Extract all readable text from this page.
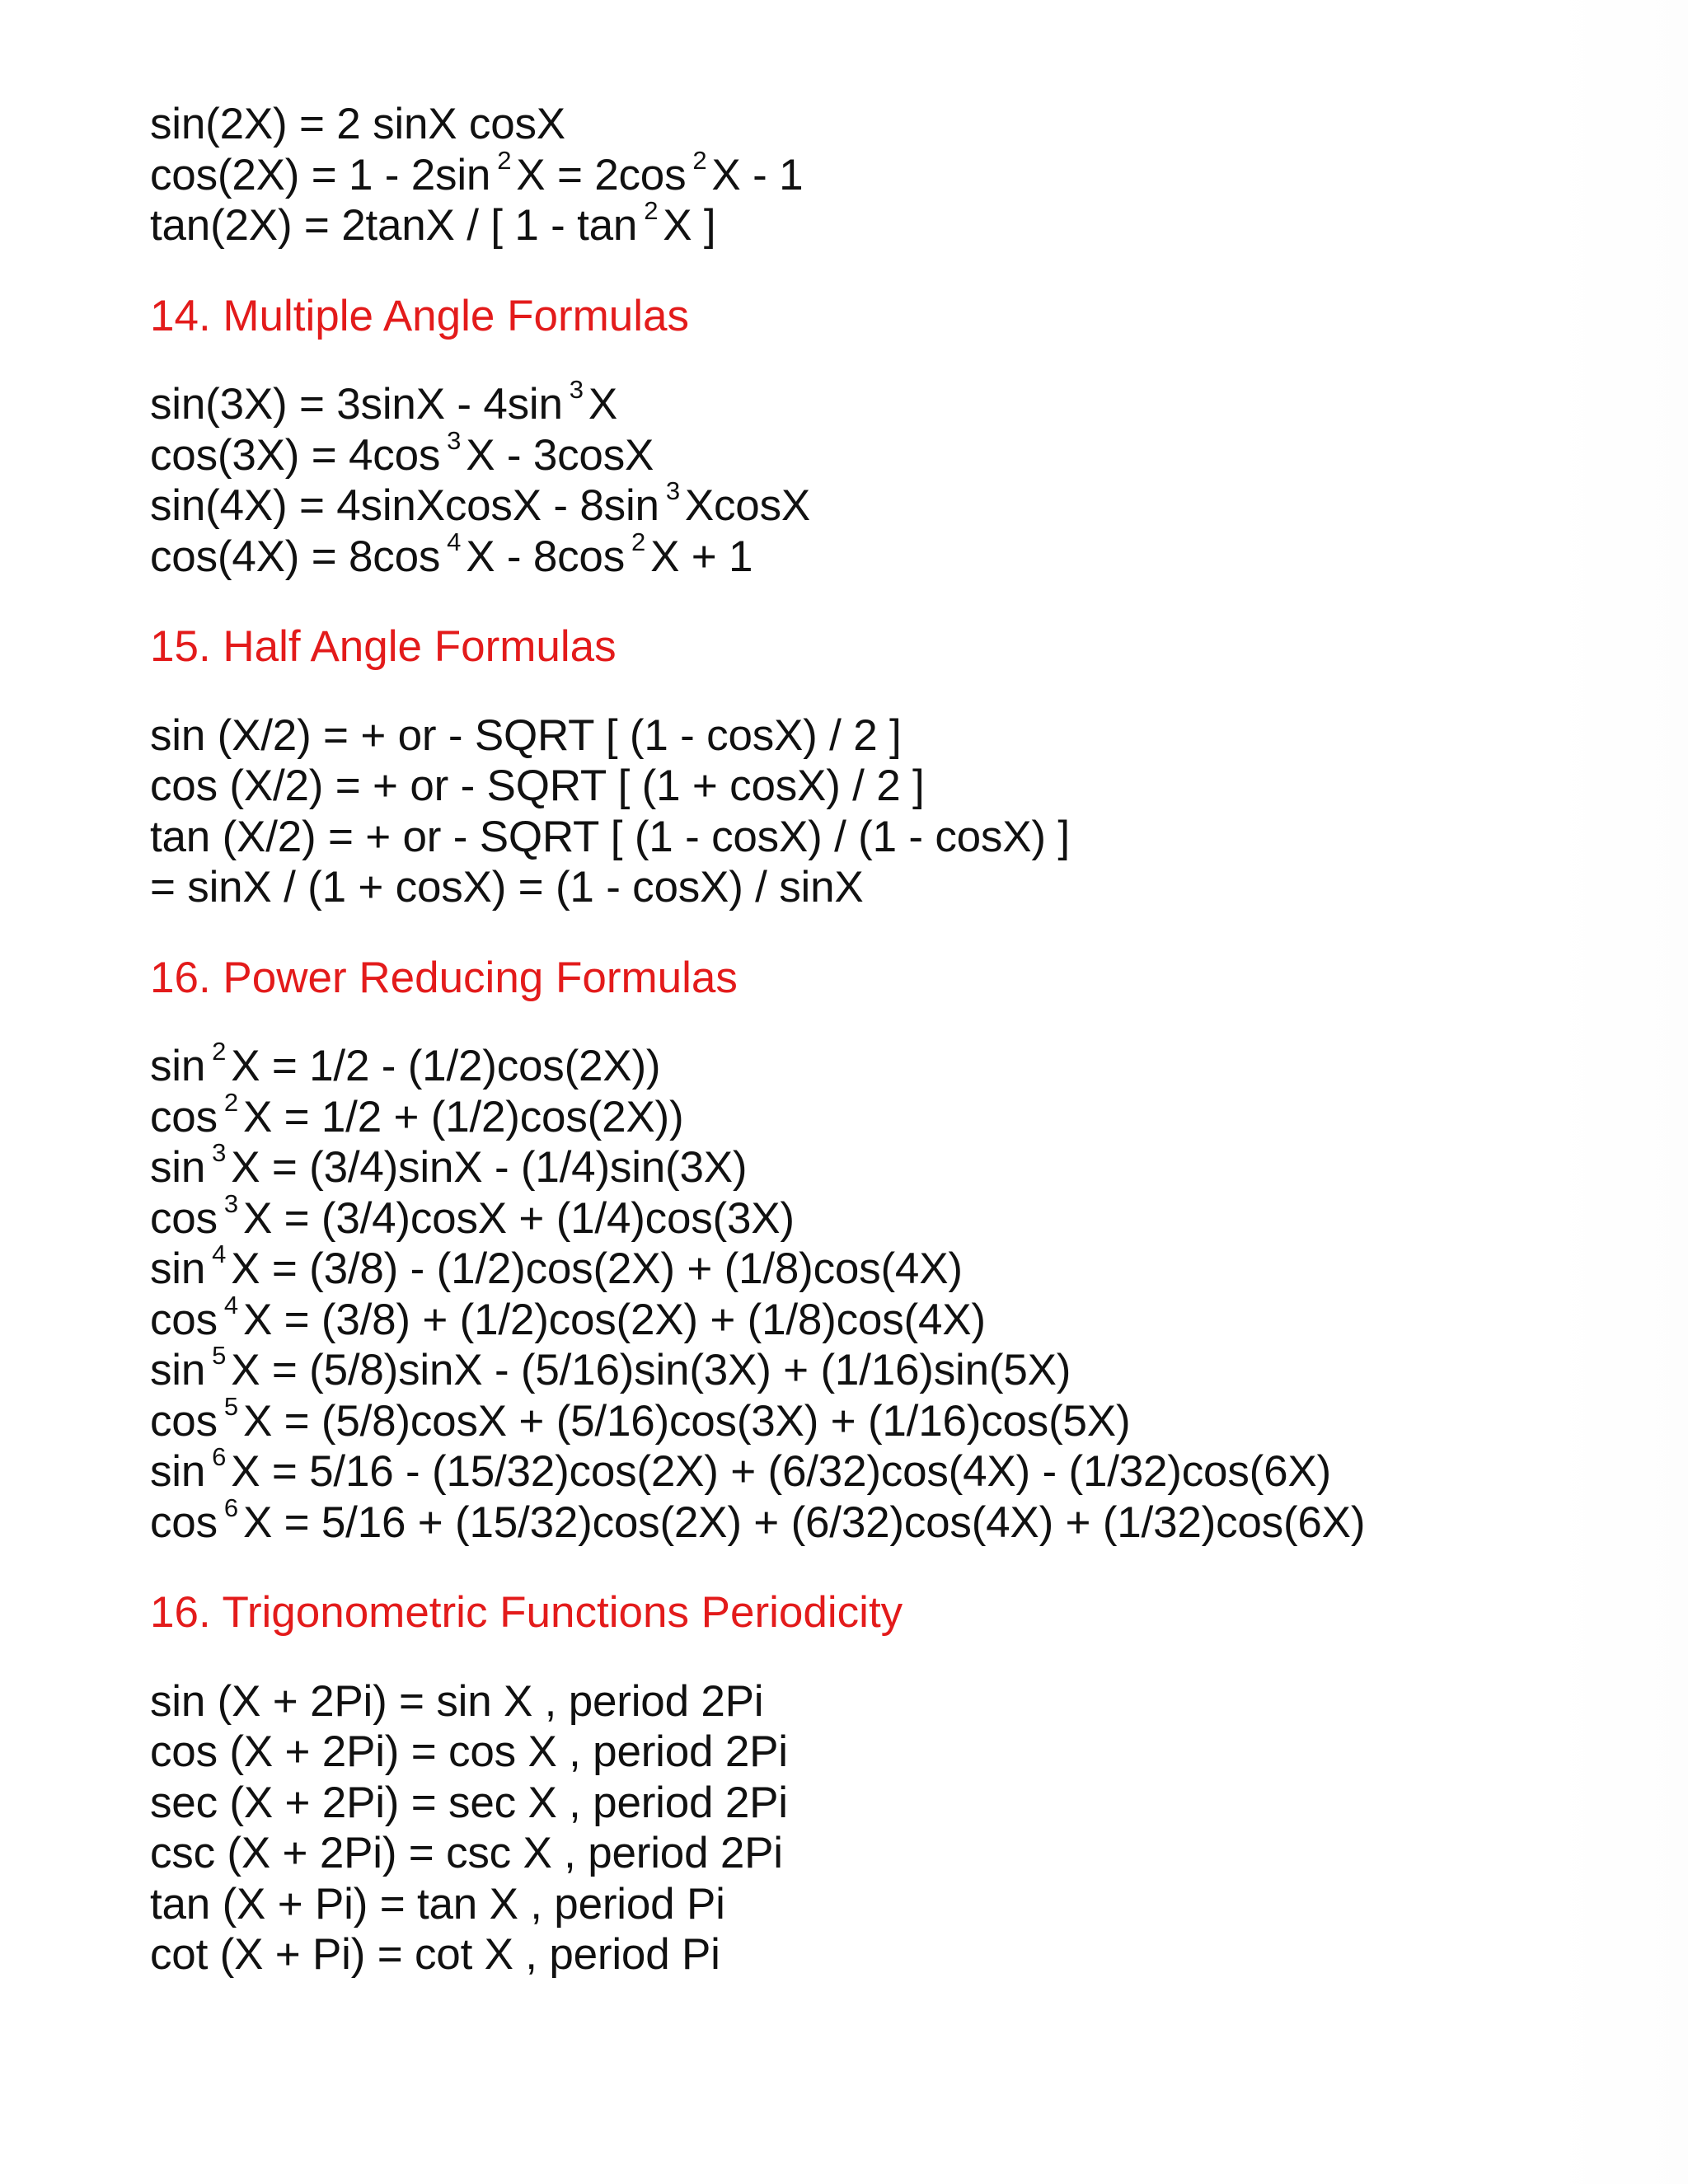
sin(2X) = 2 sinX cosX
cos(2X) = 1 - 2sin $^2$ X = 2cos $^2$ X - 1
tan(2X) = 2tanX / [ 1 - tan $^2$ X ]
14. Multiple Angle Formulas
sin(3X) = 3sinX - 4sin $^3$ X
cos(3X) = 4cos $^3$ X - 3cosX
sin(4X) = 4sinXcosX - 8sin $^3$ XcosX
cos(4X) = 8cos $^4$ X - 8cos $^2$ X + 1
15. Half Angle Formulas
sin (X/2) = + or - SQRT [ (1 - cosX) / 2 ]
cos (X/2) = + or - SQRT [ (1 + cosX) / 2 ]
tan (X/2) = + or - SQRT [ (1 - cosX) / (1 - cosX) ]
= sinX / (1 + cosX) = (1 - cosX) / sinX
16. Power Reducing Formulas
sin $^2$ X = 1/2 - (1/2)cos(2X))
cos $^2$ X = 1/2 + (1/2)cos(2X))
sin $^3$ X = (3/4)sinX - (1/4)sin(3X)
cos $^3$ X = (3/4)cosX + (1/4)cos(3X)
sin $^4$ X = (3/8) - (1/2)cos(2X) + (1/8)cos(4X)
cos $^4$ X = (3/8) + (1/2)cos(2X) + (1/8)cos(4X)
sin $^5$ X = (5/8)sinX - (5/16)sin(3X) + (1/16)sin(5X)
cos $^5$ X = (5/8)cosX + (5/16)cos(3X) + (1/16)cos(5X)
sin $^6$ X = 5/16 - (15/32)cos(2X) + (6/32)cos(4X) - (1/32)cos(6X)
cos $^6$ X = 5/16 + (15/32)cos(2X) + (6/32)cos(4X) + (1/32)cos(6X)
16. Trigonometric Functions Periodicity
sin (X + 2Pi) = sin X , period 2Pi
cos (X + 2Pi) = cos X , period 2Pi
sec (X + 2Pi) = sec X , period 2Pi
csc (X + 2Pi) = csc X , period 2Pi
tan (X + Pi) = tan X , period Pi
cot (X + Pi) = cot X , period Pi
